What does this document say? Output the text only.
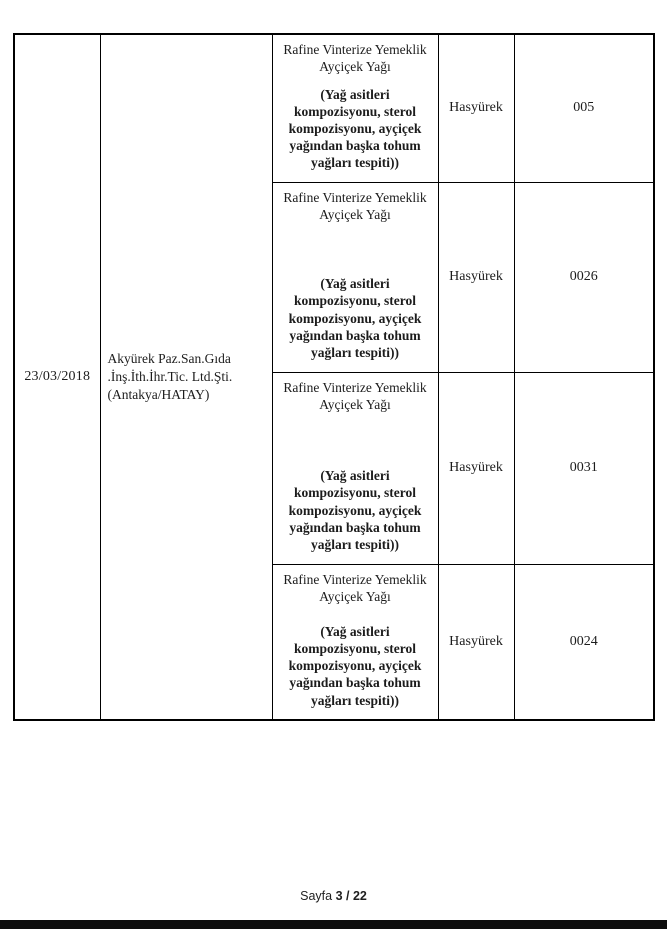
23/03/2018	Akyürek Paz.San.Gıda .İnş.İth.İhr.Tic. Ltd.Şti. (Antakya/HATAY)	Rafine Vinterize Yemeklik Ayçiçek Yağı
(Yağ asitleri kompozisyonu, sterol kompozisyonu, ayçiçek yağından başka tohum yağları tespiti))	Hasyürek	005

		Rafine Vinterize Yemeklik Ayçiçek Yağı
(Yağ asitleri kompozisyonu, sterol kompozisyonu, ayçiçek yağından başka tohum yağları tespiti))	Hasyürek	0026

		Rafine Vinterize Yemeklik Ayçiçek Yağı
(Yağ asitleri kompozisyonu, sterol kompozisyonu, ayçiçek yağından başka tohum yağları tespiti))	Hasyürek	0031

		Rafine Vinterize Yemeklik Ayçiçek Yağı
(Yağ asitleri kompozisyonu, sterol kompozisyonu, ayçiçek yağından başka tohum yağları tespiti))	Hasyürek	0024
Sayfa 3 / 22
